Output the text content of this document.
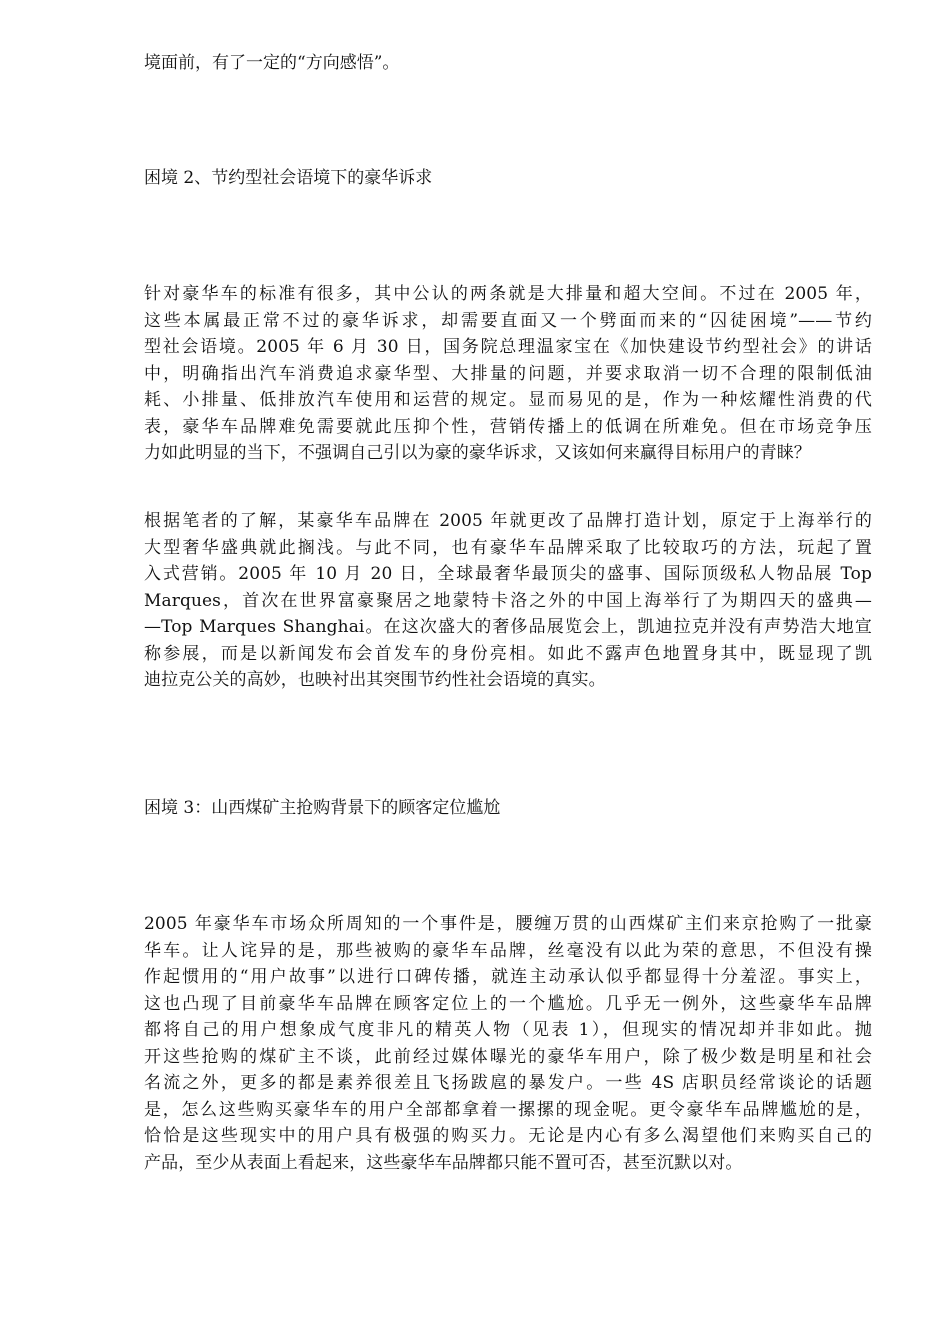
境面前，有了一定的“方向感悟”。

困境 2、节约型社会语境下的豪华诉求

针对豪华车的标准有很多，其中公认的两条就是大排量和超大空间。不过在 2005 年，
这些本属最正常不过的豪华诉求，却需要直面又一个劈面而来的“囚徒困境”——节约
型社会语境。2005 年 6 月 30 日，国务院总理温家宝在《加快建设节约型社会》的讲话
中，明确指出汽车消费追求豪华型、大排量的问题，并要求取消一切不合理的限制低油
耗、小排量、低排放汽车使用和运营的规定。显而易见的是，作为一种炫耀性消费的代
表，豪华车品牌难免需要就此压抑个性，营销传播上的低调在所难免。但在市场竞争压
力如此明显的当下，不强调自己引以为豪的豪华诉求，又该如何来赢得目标用户的青睐？
根据笔者的了解，某豪华车品牌在 2005 年就更改了品牌打造计划，原定于上海举行的
大型奢华盛典就此搁浅。与此不同，也有豪华车品牌采取了比较取巧的方法，玩起了置
入式营销。2005 年 10 月 20 日，全球最奢华最顶尖的盛事、国际顶级私人物品展 Top
Marques，首次在世界富豪聚居之地蒙特卡洛之外的中国上海举行了为期四天的盛典—
—Top Marques Shanghai。在这次盛大的奢侈品展览会上，凯迪拉克并没有声势浩大地宣
称参展，而是以新闻发布会首发车的身份亮相。如此不露声色地置身其中，既显现了凯
迪拉克公关的高妙，也映衬出其突围节约性社会语境的真实。

困境 3：山西煤矿主抢购背景下的顾客定位尴尬

2005 年豪华车市场众所周知的一个事件是，腰缠万贯的山西煤矿主们来京抢购了一批豪
华车。让人诧异的是，那些被购的豪华车品牌，丝毫没有以此为荣的意思，不但没有操
作起惯用的“用户故事”以进行口碑传播，就连主动承认似乎都显得十分羞涩。事实上，
这也凸现了目前豪华车品牌在顾客定位上的一个尴尬。几乎无一例外，这些豪华车品牌
都将自己的用户想象成气度非凡的精英人物（见表 1），但现实的情况却并非如此。抛
开这些抢购的煤矿主不谈，此前经过媒体曝光的豪华车用户，除了极少数是明星和社会
名流之外，更多的都是素养很差且飞扬跋扈的暴发户。一些 4S 店职员经常谈论的话题
是，怎么这些购买豪华车的用户全部都拿着一摞摞的现金呢。更令豪华车品牌尴尬的是，
恰恰是这些现实中的用户具有极强的购买力。无论是内心有多么渴望他们来购买自己的
产品，至少从表面上看起来，这些豪华车品牌都只能不置可否，甚至沉默以对。
